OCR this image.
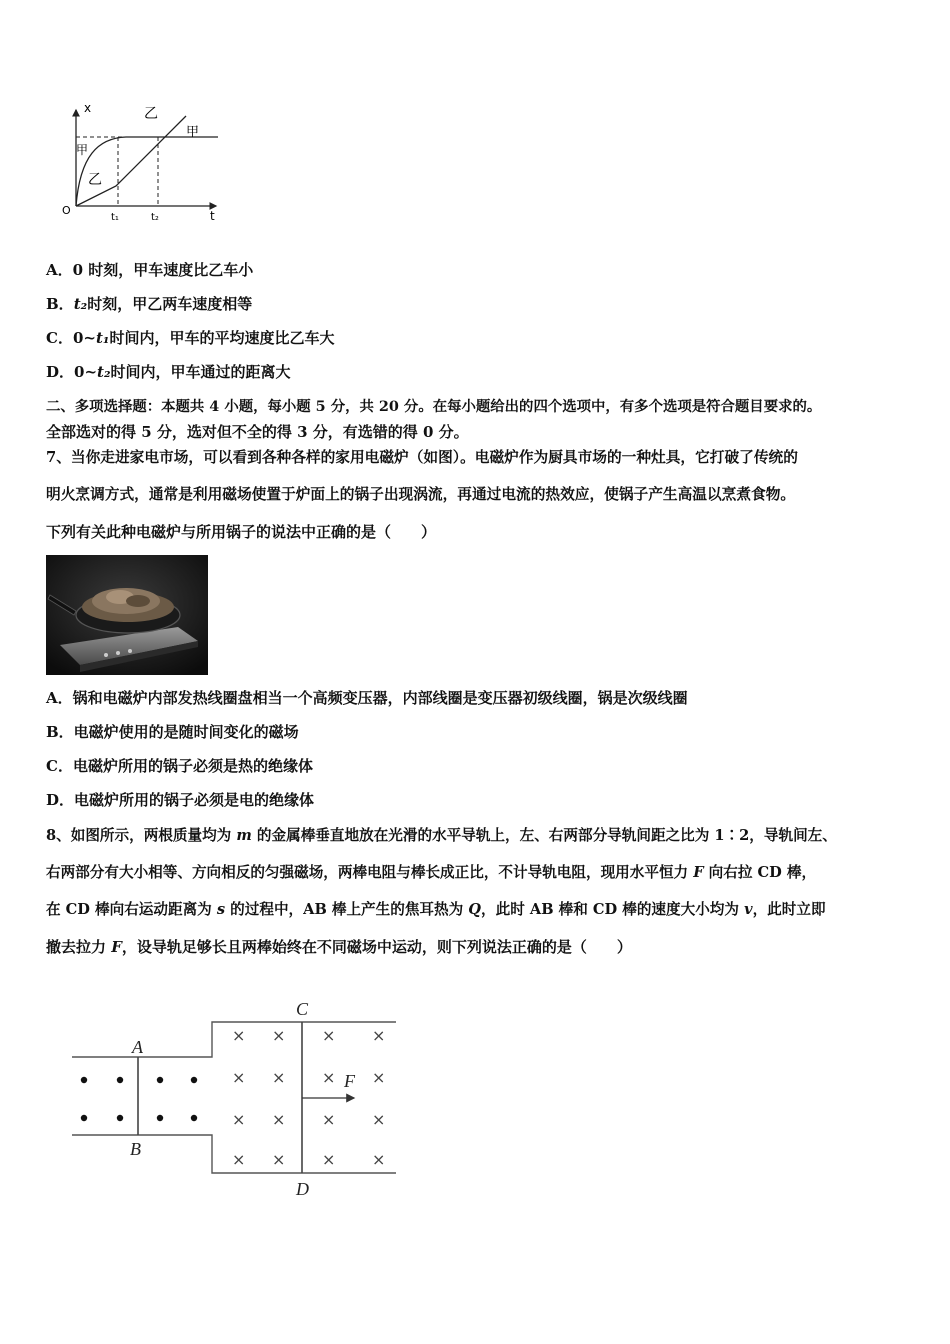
x
t
O
t₁	t₂
乙
甲
甲
乙
A．0 时刻，甲车速度比乙车小
B．t₂时刻，甲乙两车速度相等
C．0~t₁时间内，甲车的平均速度比乙车大
D．0~t₂时间内，甲车通过的距离大
二、多项选择题：本题共 4 小题，每小题 5 分，共 20 分。在每小题给出的四个选项中，有多个选项是符合题目要求的。
全部选对的得 5 分，选对但不全的得 3 分，有选错的得 0 分。
7、当你走进家电市场，可以看到各种各样的家用电磁炉（如图）。电磁炉作为厨具市场的一种灶具，它打破了传统的
明火烹调方式，通常是利用磁场使置于炉面上的锅子出现涡流，再通过电流的热效应，使锅子产生高温以烹煮食物。
下列有关此种电磁炉与所用锅子的说法中正确的是（　　）
A．锅和电磁炉内部发热线圈盘相当一个高频变压器，内部线圈是变压器初级线圈，锅是次级线圈
B．电磁炉使用的是随时间变化的磁场
C．电磁炉所用的锅子必须是热的绝缘体
D．电磁炉所用的锅子必须是电的绝缘体
8、如图所示，两根质量均为 m 的金属棒垂直地放在光滑的水平导轨上，左、右两部分导轨间距之比为 1∶2，导轨间左、
右两部分有大小相等、方向相反的匀强磁场，两棒电阻与棒长成正比，不计导轨电阻，现用水平恒力 F 向右拉 CD 棒，
在 CD 棒向右运动距离为 s 的过程中，AB 棒上产生的焦耳热为 Q，此时 AB 棒和 CD 棒的速度大小均为 v，此时立即
撤去拉力 F，设导轨足够长且两棒始终在不同磁场中运动，则下列说法正确的是（　　）
× × × ×
× × × ×
× × × ×
× × × ×
A
B
C
D
F
